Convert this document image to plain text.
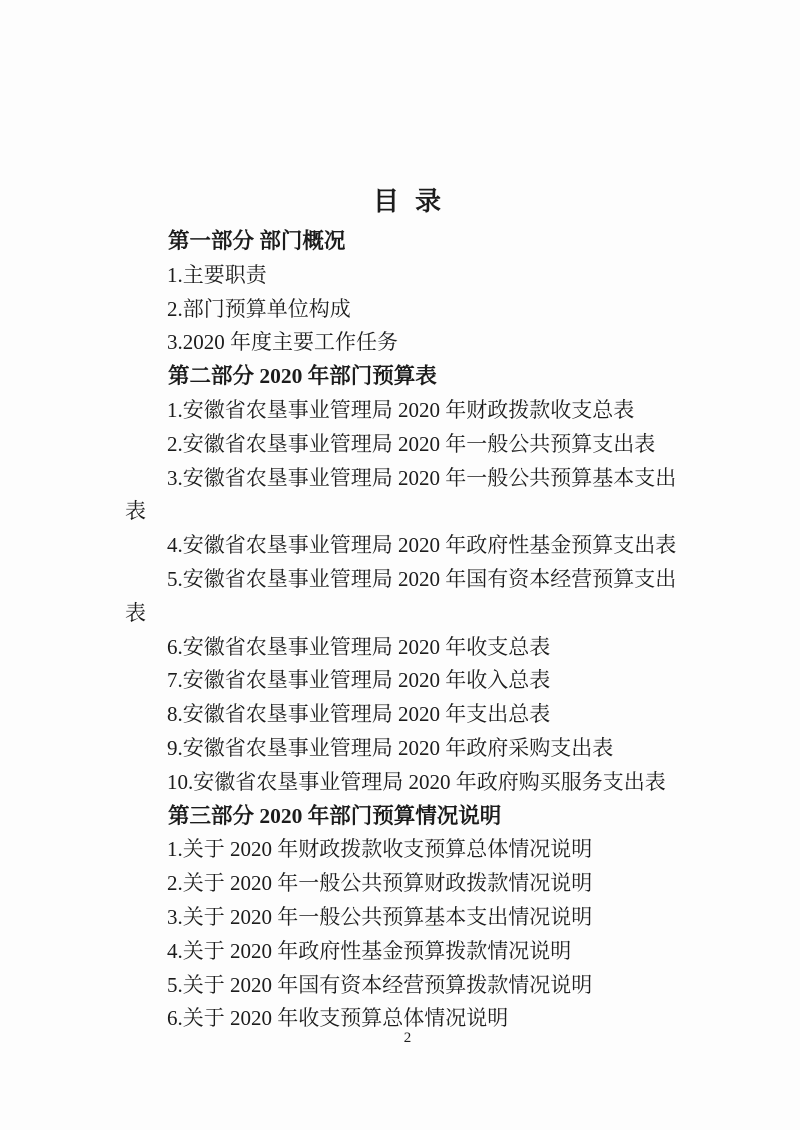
目  录

第一部分 部门概况

1.主要职责

2.部门预算单位构成

3.2020 年度主要工作任务

第二部分 2020 年部门预算表

1.安徽省农垦事业管理局 2020 年财政拨款收支总表

2.安徽省农垦事业管理局 2020 年一般公共预算支出表

3.安徽省农垦事业管理局 2020 年一般公共预算基本支出
表

4.安徽省农垦事业管理局 2020 年政府性基金预算支出表

5.安徽省农垦事业管理局 2020 年国有资本经营预算支出
表

6.安徽省农垦事业管理局 2020 年收支总表

7.安徽省农垦事业管理局 2020 年收入总表

8.安徽省农垦事业管理局 2020 年支出总表

9.安徽省农垦事业管理局 2020 年政府采购支出表

10.安徽省农垦事业管理局 2020 年政府购买服务支出表

第三部分 2020 年部门预算情况说明

1.关于 2020 年财政拨款收支预算总体情况说明

2.关于 2020 年一般公共预算财政拨款情况说明

3.关于 2020 年一般公共预算基本支出情况说明

4.关于 2020 年政府性基金预算拨款情况说明

5.关于 2020 年国有资本经营预算拨款情况说明

6.关于 2020 年收支预算总体情况说明

2
